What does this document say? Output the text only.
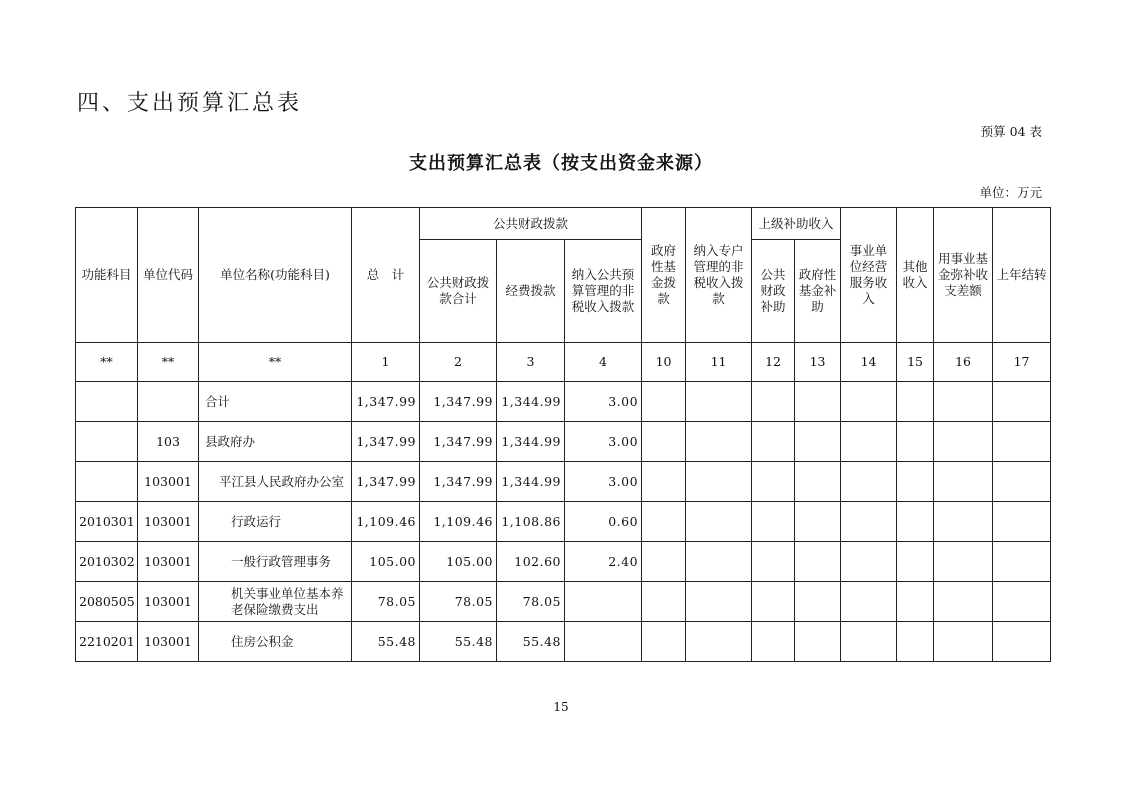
四、支出预算汇总表
预算 04 表
支出预算汇总表（按支出资金来源）
单位：万元
功能科目	单位代码	单位名称(功能科目)	总　计	公共财政拨款			政府性基金拨款	纳入专户管理的非税收入拨款	上级补助收入		事业单位经营服务收入	其他收入	用事业基金弥补收支差额	上年结转
				公共财政拨款合计	经费拨款	纳入公共预算管理的非税收入拨款			公共财政补助	政府性基金补助				
**	**	**	1	2	3	4	10	11	12	13	14	15	16	17
		合计	1,347.99	1,347.99	1,344.99	3.00								
	103	县政府办	1,347.99	1,347.99	1,344.99	3.00								
	103001	平江县人民政府办公室	1,347.99	1,347.99	1,344.99	3.00								
2010301	103001	行政运行	1,109.46	1,109.46	1,108.86	0.60								
2010302	103001	一般行政管理事务	105.00	105.00	102.60	2.40								
2080505	103001	机关事业单位基本养老保险缴费支出	78.05	78.05	78.05									
2210201	103001	住房公积金	55.48	55.48	55.48									
15
